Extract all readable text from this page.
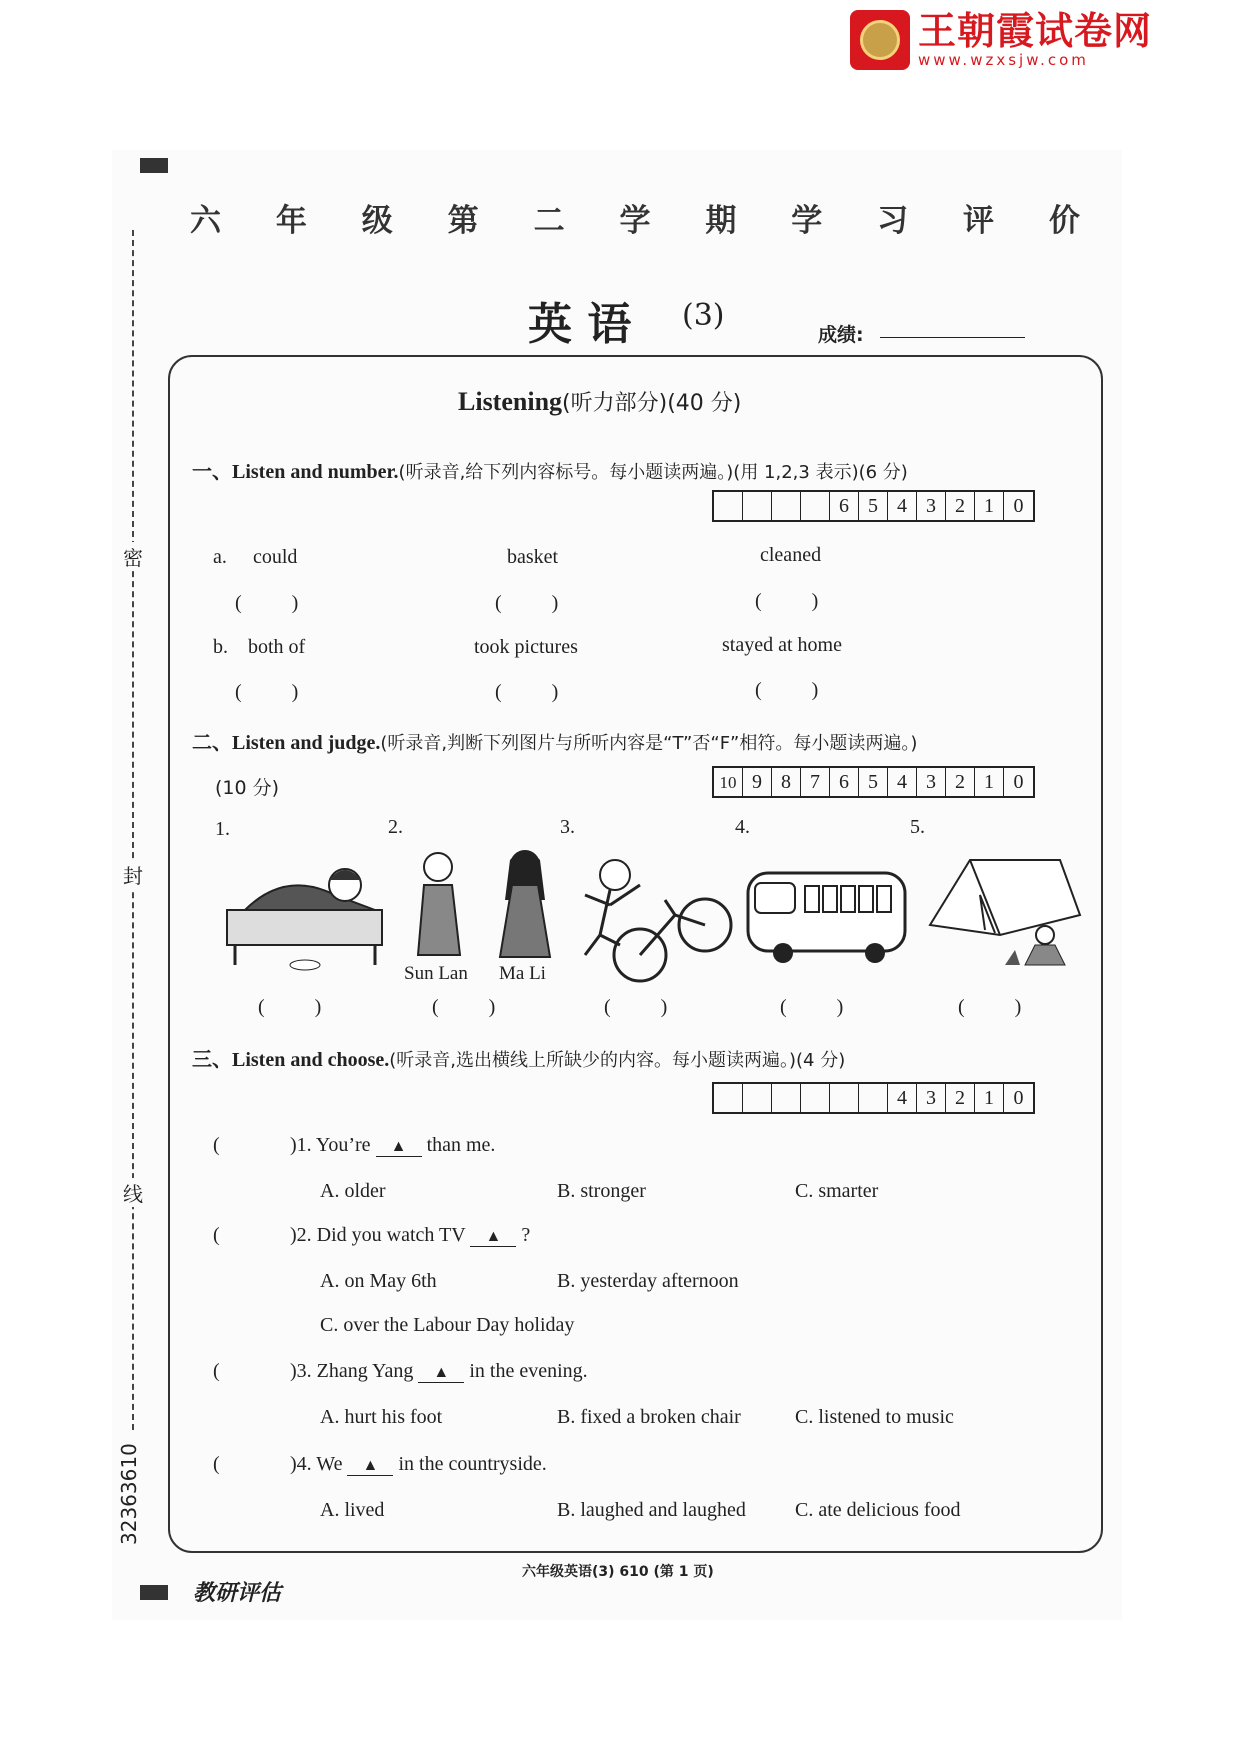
王朝霞试卷网
www.wzxsjw.com
密
封
线
32363610
六 年 级 第 二 学 期 学 习 评 价
英 语 (3)
成绩:
Listening(听力部分)(40 分)
一、Listen and number.(听录音,给下列内容标号。每小题读两遍。)(用 1,2,3 表示)(6 分)
6 5 4 3 2 1 0
a. could	basket	cleaned
b. both of	took pictures	stayed at home
(          )	(          )	(          )
(          )	(          )	(          )
二、Listen and judge.(听录音,判断下列图片与所听内容是“T”否“F”相符。每小题读两遍。)
(10 分)	10 9 8 7 6 5 4 3 2 1 0
1.	2.	3.	4.	5.
Sun Lan Ma Li
(          )	(          )	(          )	(          )	(          )
三、Listen and choose.(听录音,选出横线上所缺少的内容。每小题读两遍。)(4 分)
4 3 2 1 0
(	)1. You’re ▲ than me.
A. older	B. stronger	C. smarter
(	)2. Did you watch TV ▲ ?
A. on May 6th	B. yesterday afternoon
C. over the Labour Day holiday
(	)3. Zhang Yang ▲ in the evening.
A. hurt his foot	B. fixed a broken chair	C. listened to music
(	)4. We ▲ in the countryside.
A. lived	B. laughed and laughed C. ate delicious food
六年级英语(3) 610 (第 1 页)
教研评估
